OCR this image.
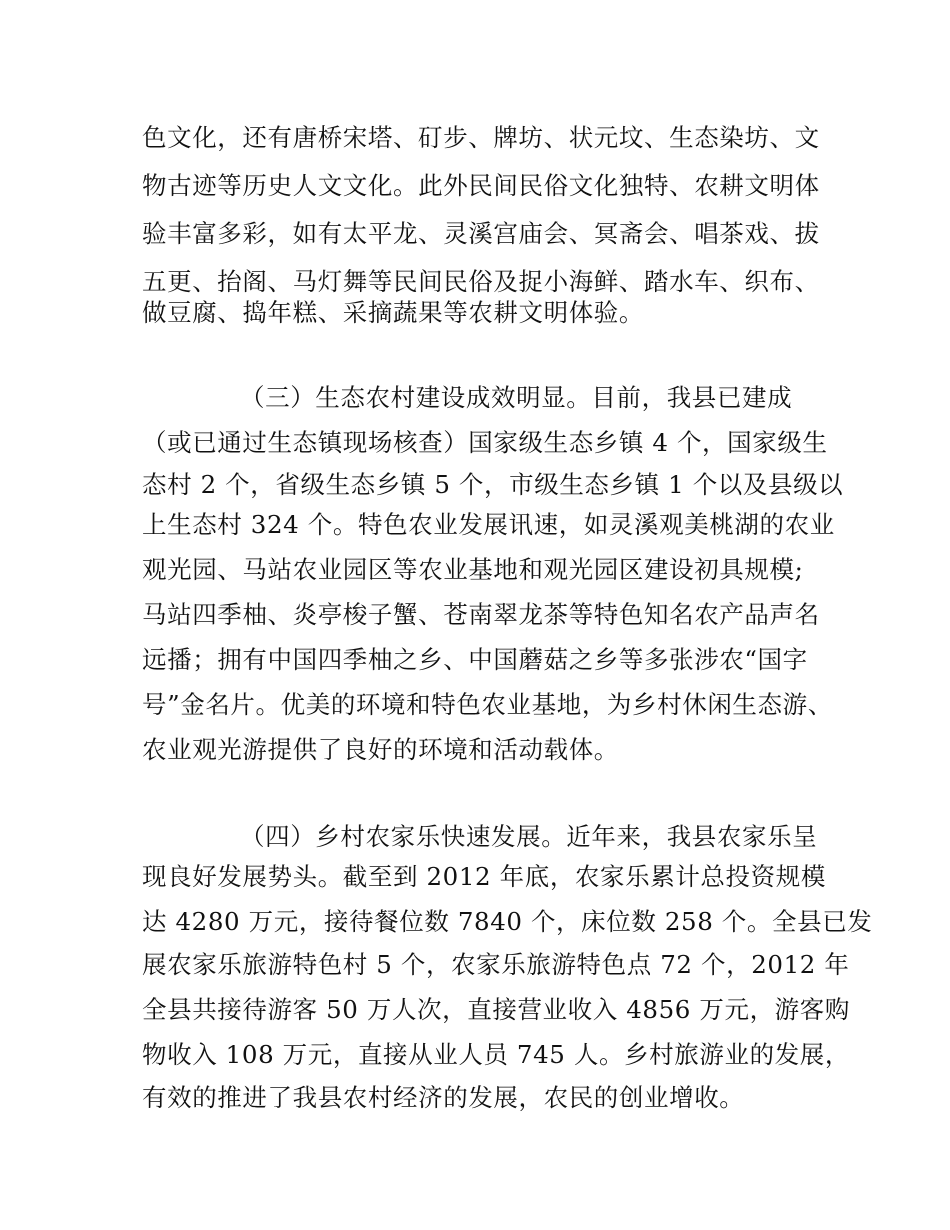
色文化，还有唐桥宋塔、矴步、牌坊、状元坟、生态染坊、文
物古迹等历史人文文化。此外民间民俗文化独特、农耕文明体
验丰富多彩，如有太平龙、灵溪宫庙会、冥斋会、唱茶戏、拔
五更、抬阁、马灯舞等民间民俗及捉小海鲜、踏水车、织布、
做豆腐、捣年糕、采摘蔬果等农耕文明体验。
（三）生态农村建设成效明显。目前，我县已建成
（或已通过生态镇现场核查）国家级生态乡镇 4 个，国家级生
态村 2 个，省级生态乡镇 5 个，市级生态乡镇 1 个以及县级以
上生态村 324 个。特色农业发展讯速，如灵溪观美桃湖的农业
观光园、马站农业园区等农业基地和观光园区建设初具规模;
马站四季柚、炎亭梭子蟹、苍南翠龙茶等特色知名农产品声名
远播；拥有中国四季柚之乡、中国蘑菇之乡等多张涉农“国字
号”金名片。优美的环境和特色农业基地，为乡村休闲生态游、
农业观光游提供了良好的环境和活动载体。
（四）乡村农家乐快速发展。近年来，我县农家乐呈
现良好发展势头。截至到 2012 年底，农家乐累计总投资规模
达 4280 万元，接待餐位数 7840 个，床位数 258 个。全县已发
展农家乐旅游特色村 5 个，农家乐旅游特色点 72 个，2012 年
全县共接待游客 50 万人次，直接营业收入 4856 万元，游客购
物收入 108 万元，直接从业人员 745 人。乡村旅游业的发展，
有效的推进了我县农村经济的发展，农民的创业增收。
